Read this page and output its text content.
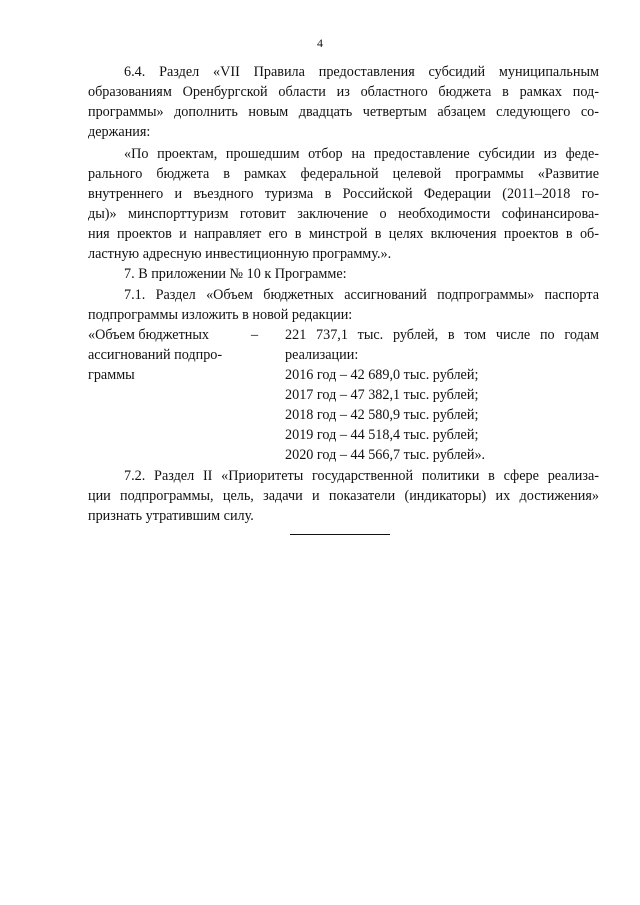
4
6.4. Раздел «VII Правила предоставления субсидий муниципальным
образованиям Оренбургской области из областного бюджета в рамках под-
программы» дополнить новым двадцать четвертым абзацем следующего со-
держания:
«По проектам, прошедшим отбор на предоставление субсидии из феде-
рального бюджета в рамках федеральной целевой программы «Развитие
внутреннего и въездного туризма в Российской Федерации (2011–2018 го-
ды)» минспорттуризм готовит заключение о необходимости софинансирова-
ния проектов и направляет его в минстрой в целях включения проектов в об-
ластную адресную инвестиционную программу.».
7. В приложении № 10 к Программе:
7.1. Раздел «Объем бюджетных ассигнований подпрограммы» паспорта
подпрограммы изложить в новой редакции:
«Объем бюджетных
ассигнований подпро-
граммы
– 221 737,1 тыс. рублей, в том числе по годам
реализации:
2016 год – 42 689,0 тыс. рублей;
2017 год – 47 382,1 тыс. рублей;
2018 год – 42 580,9 тыс. рублей;
2019 год – 44 518,4 тыс. рублей;
2020 год – 44 566,7 тыс. рублей».
7.2. Раздел II «Приоритеты государственной политики в сфере реализа-
ции подпрограммы, цель, задачи и показатели (индикаторы) их достижения»
признать утратившим силу.
